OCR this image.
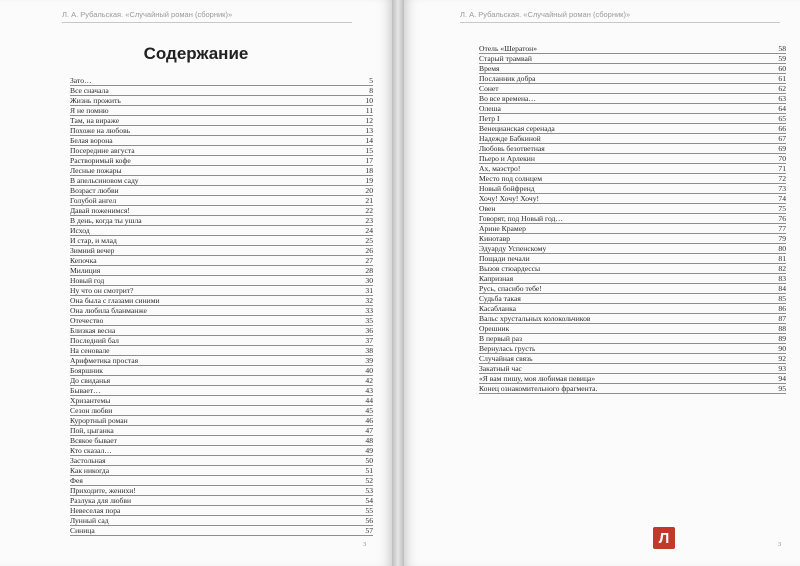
Л. А. Рубальская. «Случайный роман (сборник)»
Содержание
Л. А. Рубальская. «Случайный роман (сборник)»
Зато…	5
Все сначала	8
Жизнь прожить	10
Я не помню	11
Там, на вираже	12
Похоже на любовь	13
Белая ворона	14
Посередине августа	15
Растворимый кофе	17
Лесные пожары	18
В апельсиновом саду	19
Возраст любви	20
Голубой ангел	21
Давай поженимся!	22
В день, когда ты ушла	23
Исход	24
И стар, и млад	25
Зимний вечер	26
Кепочка	27
Милиция	28
Новый год	30
Ну что он смотрит?	31
Она была с глазами синими	32
Она любила бланманже	33
Отечество	35
Близкая весна	36
Последний бал	37
На сеновале	38
Арифметика простая	39
Бояршник	40
До свиданья	42
Бывает…	43
Хризантемы	44
Сезон любви	45
Курортный роман	46
Пой, цыганка	47
Всякое бывает	48
Кто сказал…	49
Застольная	50
Как никогда	51
Фея	52
Приходите, женихи!	53
Разлука для любви	54
Невеселая пора	55
Лунный сад	56
Синица	57
Отель «Шератон»	58
Старый трамвай	59
Время	60
Посланник добра	61
Сонет	62
Во все времена…	63
Олеша	64
Петр I	65
Венецианская серенада	66
Надежде Бабкиной	67
Любовь безответная	69
Пьеро и Арлекин	70
Ах, маэстро!	71
Место под солнцем	72
Новый бойфренд	73
Хочу! Хочу! Хочу!	74
Овен	75
Говорят, под Новый год…	76
Арине Крамер	77
Кинотавр	79
Эдуарду Успенскому	80
Пощади печали	81
Вызов стюардессы	82
Капризная	83
Русь, спасибо тебе!	84
Судьба такая	85
Касабланка	86
Вальс хрустальных колокольчиков	87
Орешник	88
В первый раз	89
Вернулась грусть	90
Случайная связь	92
Закатный час	93
«Я вам пишу, моя любимая певица»	94
Конец ознакомительного фрагмента.	95
3	3
Л
